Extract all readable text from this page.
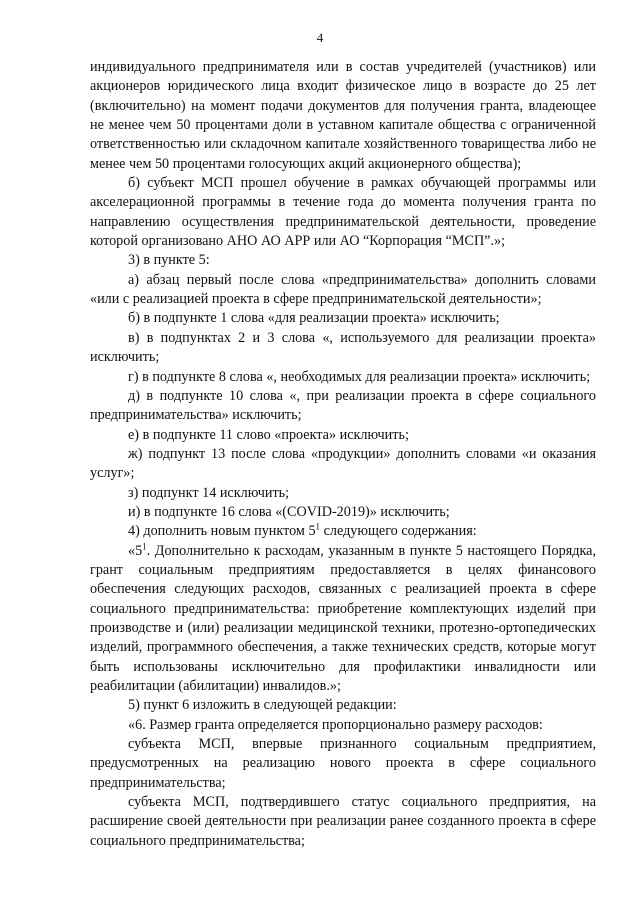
4

индивидуального предпринимателя или в состав учредителей (участников) или акционеров юридического лица входит физическое лицо в возрасте до 25 лет (включительно) на момент подачи документов для получения гранта, владеющее не менее чем 50 процентами доли в уставном капитале общества с ограниченной ответственностью или складочном капитале хозяйственного товарищества либо не менее чем 50 процентами голосующих акций акционерного общества);

б) субъект МСП прошел обучение в рамках обучающей программы или акселерационной программы в течение года до момента получения гранта по направлению осуществления предпринимательской деятельности, проведение которой организовано АНО АО АРР или АО “Корпорация “МСП”.»;

3) в пункте 5:

а) абзац первый после слова «предпринимательства» дополнить словами «или с реализацией проекта в сфере предпринимательской деятельности»;

б) в подпункте 1 слова «для реализации проекта» исключить;

в) в подпунктах 2 и 3 слова «, используемого для реализации проекта» исключить;

г) в подпункте 8 слова «, необходимых для реализации проекта» исключить;

д) в подпункте 10 слова «, при реализации проекта в сфере социального предпринимательства» исключить;

е) в подпункте 11 слово «проекта» исключить;

ж) подпункт 13 после слова «продукции» дополнить словами «и оказания услуг»;

з) подпункт 14 исключить;

и) в подпункте 16 слова «(COVID-2019)» исключить;

4) дополнить новым пунктом $5^1$ следующего содержания:

«$5^1$. Дополнительно к расходам, указанным в пункте 5 настоящего Порядка, грант социальным предприятиям предоставляется в целях финансового обеспечения следующих расходов, связанных с реализацией проекта в сфере социального предпринимательства: приобретение комплектующих изделий при производстве и (или) реализации медицинской техники, протезно-ортопедических изделий, программного обеспечения, а также технических средств, которые могут быть использованы исключительно для профилактики инвалидности или реабилитации (абилитации) инвалидов.»;

5) пункт 6 изложить в следующей редакции:

«6. Размер гранта определяется пропорционально размеру расходов:

субъекта МСП, впервые признанного социальным предприятием, предусмотренных на реализацию нового проекта в сфере социального предпринимательства;

субъекта МСП, подтвердившего статус социального предприятия, на расширение своей деятельности при реализации ранее созданного проекта в сфере социального предпринимательства;
